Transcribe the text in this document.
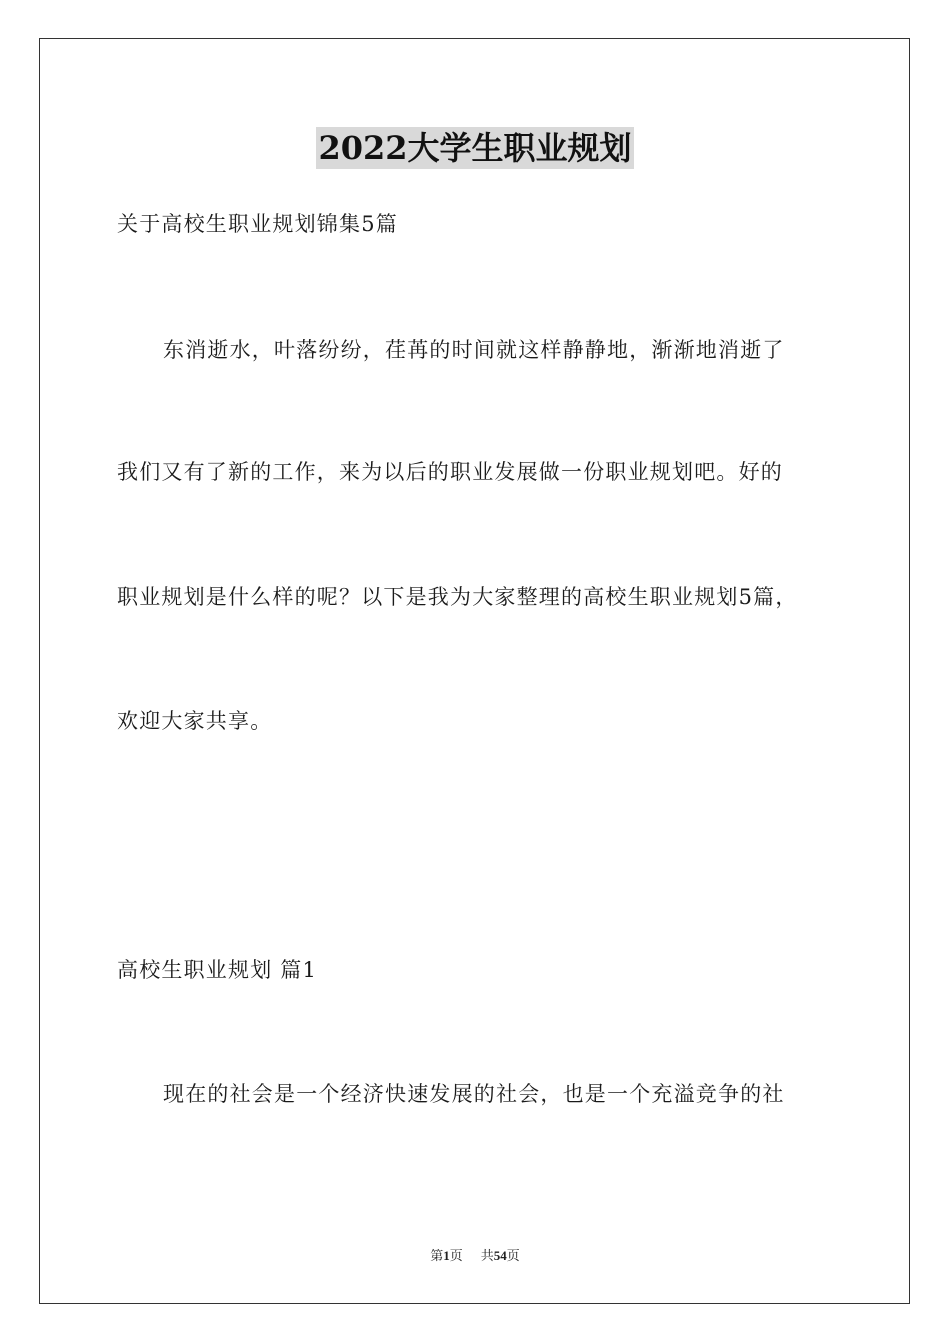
2022大学生职业规划
关于高校生职业规划锦集5篇
东消逝水，叶落纷纷，荏苒的时间就这样静静地，渐渐地消逝了
我们又有了新的工作，来为以后的职业发展做一份职业规划吧。好的
职业规划是什么样的呢？以下是我为大家整理的高校生职业规划5篇，
欢迎大家共享。
高校生职业规划 篇1
现在的社会是一个经济快速发展的社会，也是一个充溢竞争的社
第1页 共54页
